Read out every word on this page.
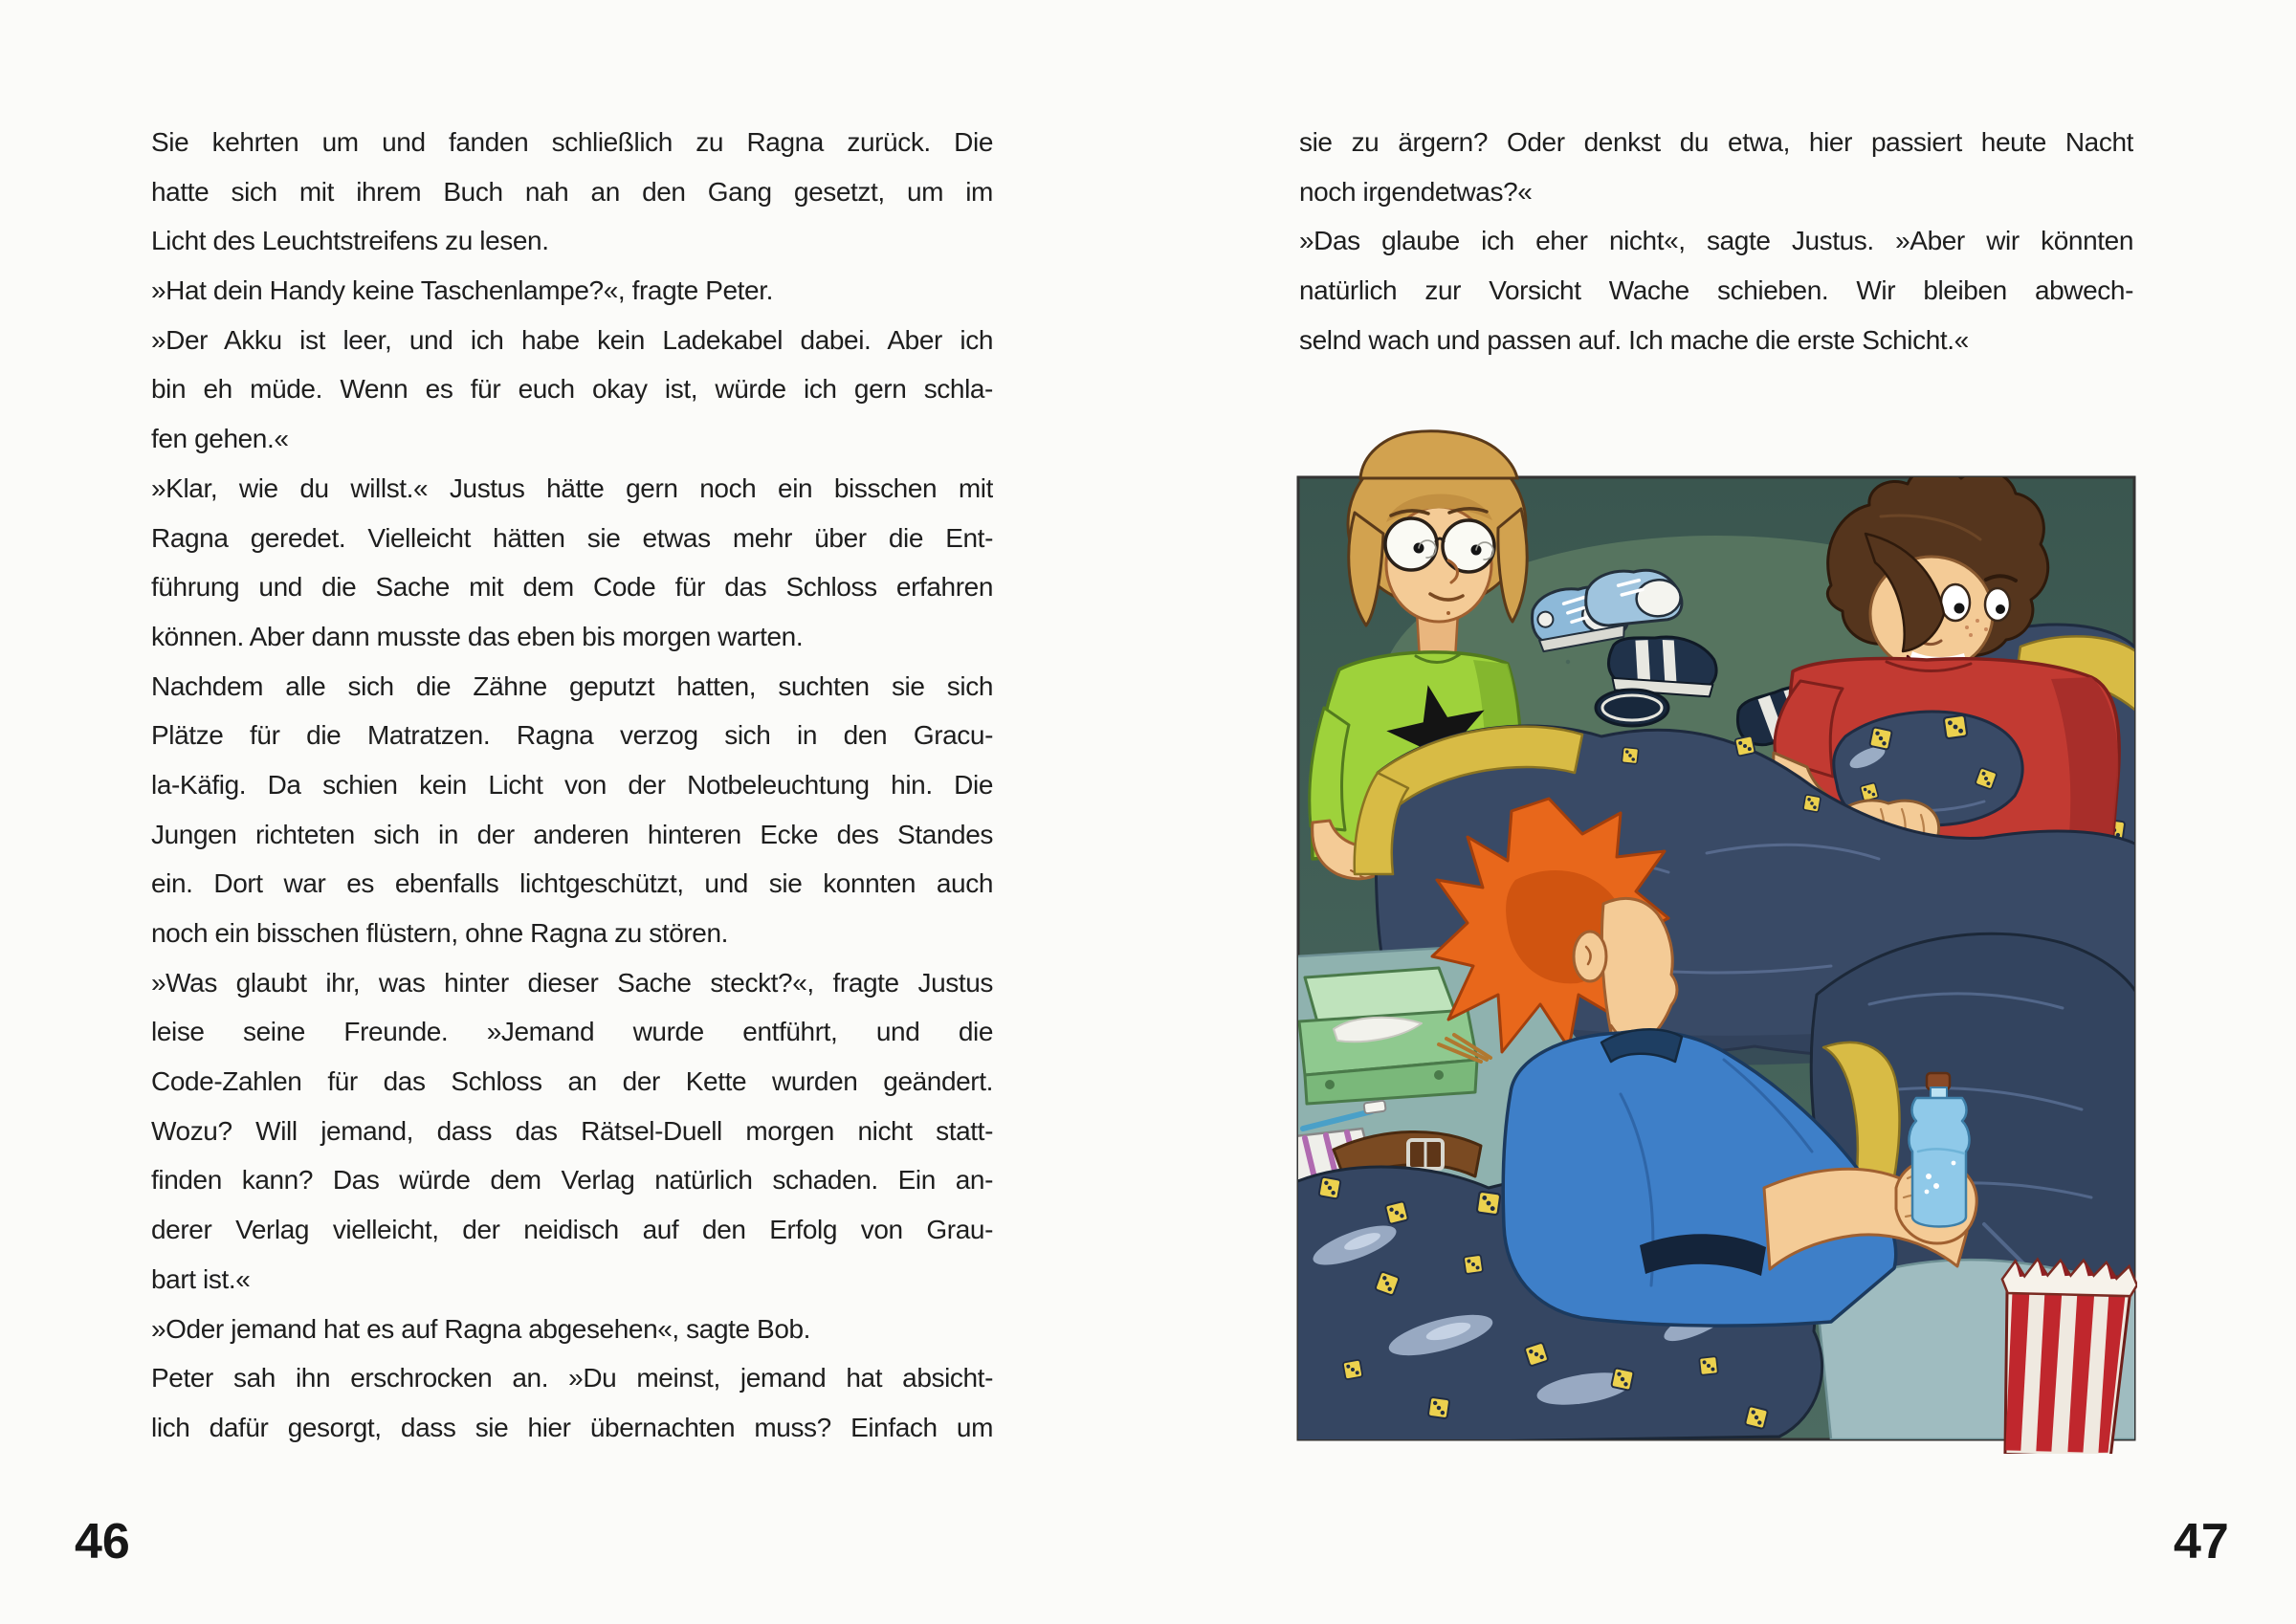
Sie kehrten um und fanden schließlich zu Ragna zurück. Die
hatte sich mit ihrem Buch nah an den Gang gesetzt, um im
Licht des Leuchtstreifens zu lesen.
»Hat dein Handy keine Taschenlampe?«, fragte Peter.
»Der Akku ist leer, und ich habe kein Ladekabel dabei. Aber ich
bin eh müde. Wenn es für euch okay ist, würde ich gern schla-
fen gehen.«
»Klar, wie du willst.« Justus hätte gern noch ein bisschen mit
Ragna geredet. Vielleicht hätten sie etwas mehr über die Ent-
führung und die Sache mit dem Code für das Schloss erfahren
können. Aber dann musste das eben bis morgen warten.
Nachdem alle sich die Zähne geputzt hatten, suchten sie sich
Plätze für die Matratzen. Ragna verzog sich in den Gracu-
la-Käfig. Da schien kein Licht von der Notbeleuchtung hin. Die
Jungen richteten sich in der anderen hinteren Ecke des Standes
ein. Dort war es ebenfalls lichtgeschützt, und sie konnten auch
noch ein bisschen flüstern, ohne Ragna zu stören.
»Was glaubt ihr, was hinter dieser Sache steckt?«, fragte Justus
leise seine Freunde. »Jemand wurde entführt, und die
Code-Zahlen für das Schloss an der Kette wurden geändert.
Wozu? Will jemand, dass das Rätsel-Duell morgen nicht statt-
finden kann? Das würde dem Verlag natürlich schaden. Ein an-
derer Verlag vielleicht, der neidisch auf den Erfolg von Grau-
bart ist.«
»Oder jemand hat es auf Ragna abgesehen«, sagte Bob.
Peter sah ihn erschrocken an. »Du meinst, jemand hat absicht-
lich dafür gesorgt, dass sie hier übernachten muss? Einfach um
46
sie zu ärgern? Oder denkst du etwa, hier passiert heute Nacht
noch irgendetwas?«
»Das glaube ich eher nicht«, sagte Justus. »Aber wir könnten
natürlich zur Vorsicht Wache schieben. Wir bleiben abwech-
selnd wach und passen auf. Ich mache die erste Schicht.«
47
